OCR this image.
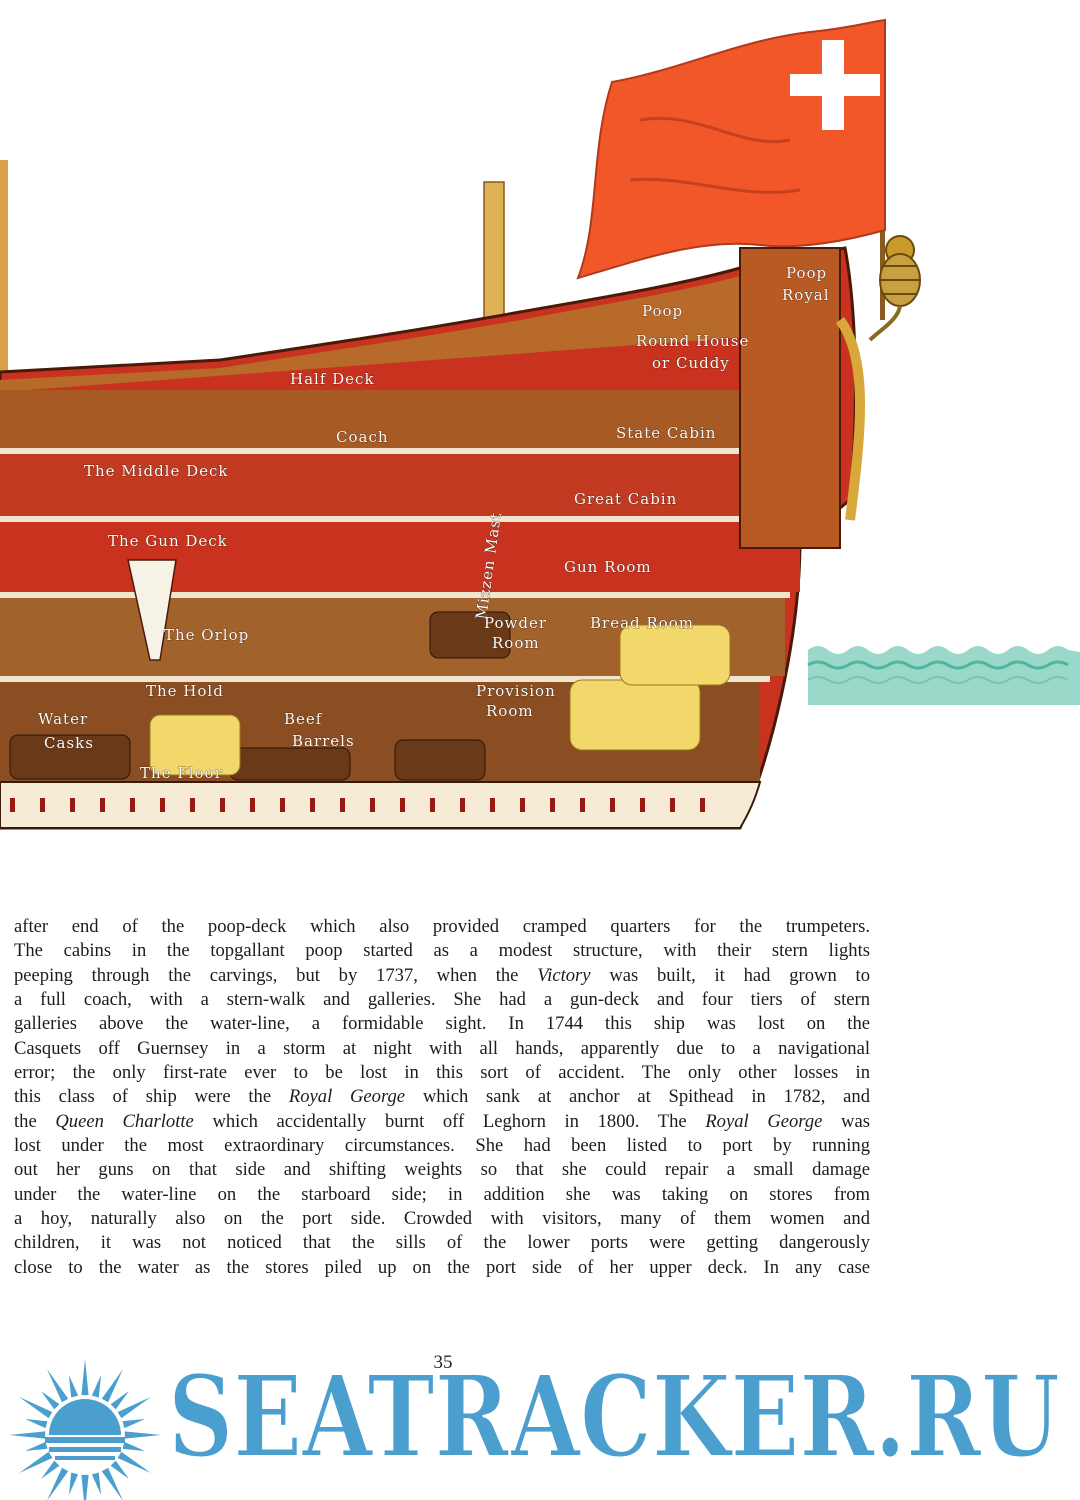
Poop
Royal
Poop
Round House
or Cuddy
Half Deck
Coach	State Cabin
The Middle Deck
Great Cabin
The Gun Deck
Gun Room
Mizzen Mast
Powder
Room
Bread Room
The Orlop
The Hold	Provision
Room
Water
Casks
Beef
Barrels
The Floor
after end of the poop-deck which also provided cramped quarters for the trumpeters.
The cabins in the topgallant poop started as a modest structure, with their stern lights
peeping through the carvings, but by 1737, when the Victory was built, it had grown to
a full coach, with a stern-walk and galleries. She had a gun-deck and four tiers of stern
galleries above the water-line, a formidable sight. In 1744 this ship was lost on the
Casquets off Guernsey in a storm at night with all hands, apparently due to a navigational
error; the only first-rate ever to be lost in this sort of accident. The only other losses in
this class of ship were the Royal George which sank at anchor at Spithead in 1782, and
the Queen Charlotte which accidentally burnt off Leghorn in 1800. The Royal George was
lost under the most extraordinary circumstances. She had been listed to port by running
out her guns on that side and shifting weights so that she could repair a small damage
under the water-line on the starboard side; in addition she was taking on stores from
a hoy, naturally also on the port side. Crowded with visitors, many of them women and
children, it was not noticed that the sills of the lower ports were getting dangerously
close to the water as the stores piled up on the port side of her upper deck. In any case
35
SEATRACKER.RU
